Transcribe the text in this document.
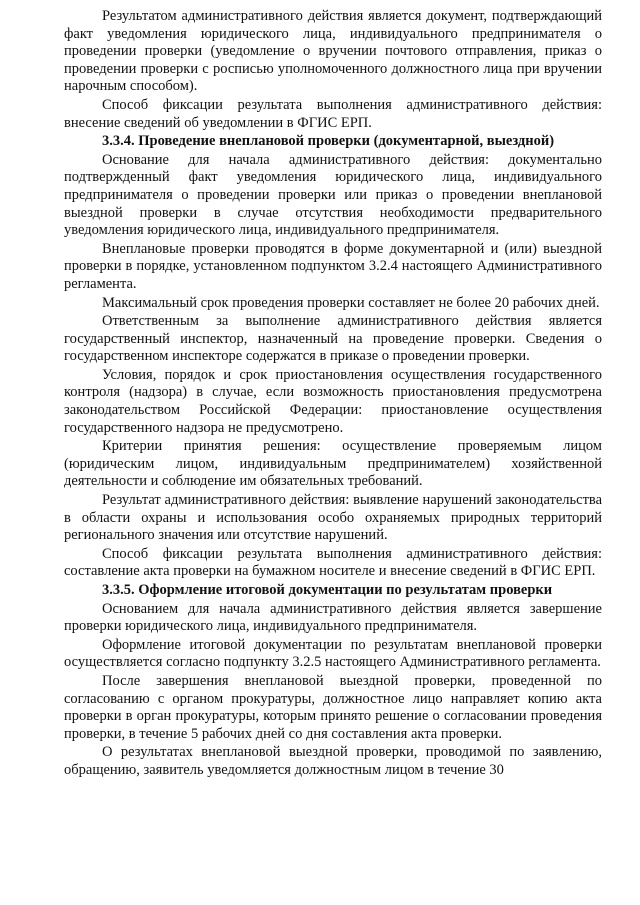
Результатом административного действия является документ, подтверждающий факт уведомления юридического лица, индивидуального предпринимателя о проведении проверки (уведомление о вручении почтового отправления, приказ о проведении проверки с росписью уполномоченного должностного лица при вручении нарочным способом).

Способ фиксации результата выполнения административного действия: внесение сведений об уведомлении в ФГИС ЕРП.

3.3.4. Проведение внеплановой проверки (документарной, выездной)

Основание для начала административного действия: документально подтвержденный факт уведомления юридического лица, индивидуального предпринимателя о проведении проверки или приказ о проведении внеплановой выездной проверки в случае отсутствия необходимости предварительного уведомления юридического лица, индивидуального предпринимателя.

Внеплановые проверки проводятся в форме документарной и (или) выездной проверки в порядке, установленном подпунктом 3.2.4 настоящего Административного регламента.

Максимальный срок проведения проверки составляет не более 20 рабочих дней.

Ответственным за выполнение административного действия является государственный инспектор, назначенный на проведение проверки. Сведения о государственном инспекторе содержатся в приказе о проведении проверки.

Условия, порядок и срок приостановления осуществления государственного контроля (надзора) в случае, если возможность приостановления предусмотрена законодательством Российской Федерации: приостановление осуществления государственного надзора не предусмотрено.

Критерии принятия решения: осуществление проверяемым лицом (юридическим лицом, индивидуальным предпринимателем) хозяйственной деятельности и соблюдение им обязательных требований.

Результат административного действия: выявление нарушений законодательства в области охраны и использования особо охраняемых природных территорий регионального значения или отсутствие нарушений.

Способ фиксации результата выполнения административного действия: составление акта проверки на бумажном носителе и внесение сведений в ФГИС ЕРП.

3.3.5. Оформление итоговой документации по результатам проверки

Основанием для начала административного действия является завершение проверки юридического лица, индивидуального предпринимателя.

Оформление итоговой документации по результатам внеплановой проверки осуществляется согласно подпункту 3.2.5 настоящего Административного регламента.

После завершения внеплановой выездной проверки, проведенной по согласованию с органом прокуратуры, должностное лицо направляет копию акта проверки в орган прокуратуры, которым принято решение о согласовании проведения проверки, в течение 5 рабочих дней со дня составления акта проверки.

О результатах внеплановой выездной проверки, проводимой по заявлению, обращению, заявитель уведомляется должностным лицом в течение 30
